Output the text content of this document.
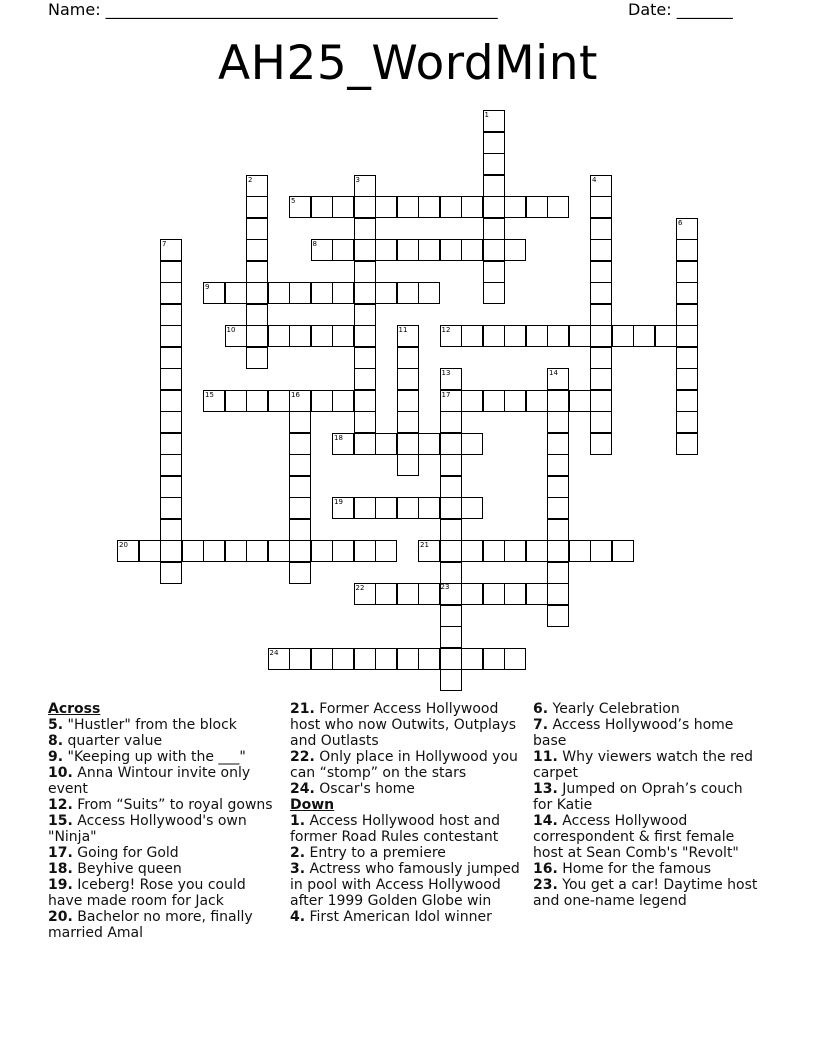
Name: _________________________________________________	Date: _______
AH25_WordMint
5
8
9
10	12
15	16	17
18
19
20	21
22
24
1
2	3	4
6
7
11
13	14
23

Across

5. "Hustler" from the block

8. quarter value

9. "Keeping up with the ___"

10. Anna Wintour invite only event

12. From “Suits” to royal gowns

15. Access Hollywood's own "Ninja"

17. Going for Gold

18. Beyhive queen

19. Iceberg! Rose you could have made room for Jack

20. Bachelor no more, finally married Amal

21. Former Access Hollywood host who now Outwits, Outplays and Outlasts

22. Only place in Hollywood you can “stomp” on the stars

24. Oscar's home

Down

1. Access Hollywood host and former Road Rules contestant

2. Entry to a premiere

3. Actress who famously jumped in pool with Access Hollywood after 1999 Golden Globe win

4. First American Idol winner

6. Yearly Celebration

7. Access Hollywood’s home base

11. Why viewers watch the red carpet

13. Jumped on Oprah’s couch for Katie

14. Access Hollywood correspondent & first female host at Sean Comb's "Revolt"

16. Home for the famous

23. You get a car! Daytime host and one-name legend
